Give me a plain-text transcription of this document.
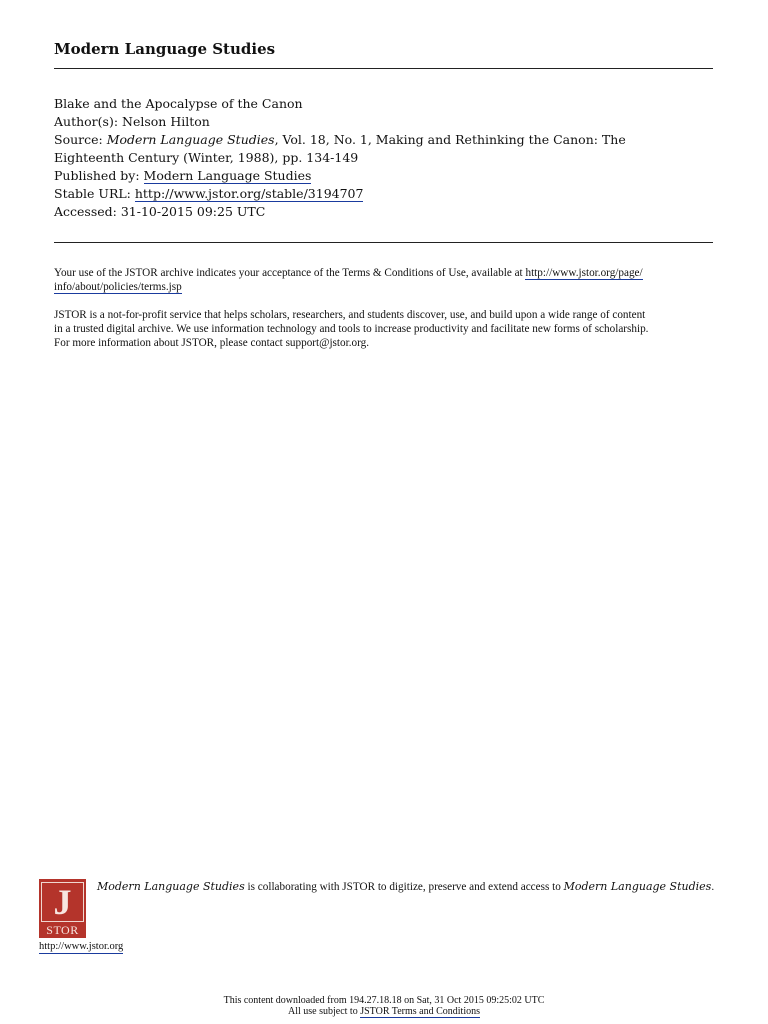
Modern Language Studies
Blake and the Apocalypse of the Canon
Author(s): Nelson Hilton
Source: Modern Language Studies, Vol. 18, No. 1, Making and Rethinking the Canon: The
Eighteenth Century (Winter, 1988), pp. 134-149
Published by: Modern Language Studies
Stable URL: http://www.jstor.org/stable/3194707
Accessed: 31-10-2015 09:25 UTC
Your use of the JSTOR archive indicates your acceptance of the Terms & Conditions of Use, available at http://www.jstor.org/page/
info/about/policies/terms.jsp
JSTOR is a not-for-profit service that helps scholars, researchers, and students discover, use, and build upon a wide range of content
in a trusted digital archive. We use information technology and tools to increase productivity and facilitate new forms of scholarship.
For more information about JSTOR, please contact support@jstor.org.
J
STOR
Modern Language Studies is collaborating with JSTOR to digitize, preserve and extend access to Modern Language Studies.
http://www.jstor.org
This content downloaded from 194.27.18.18 on Sat, 31 Oct 2015 09:25:02 UTC
All use subject to JSTOR Terms and Conditions
